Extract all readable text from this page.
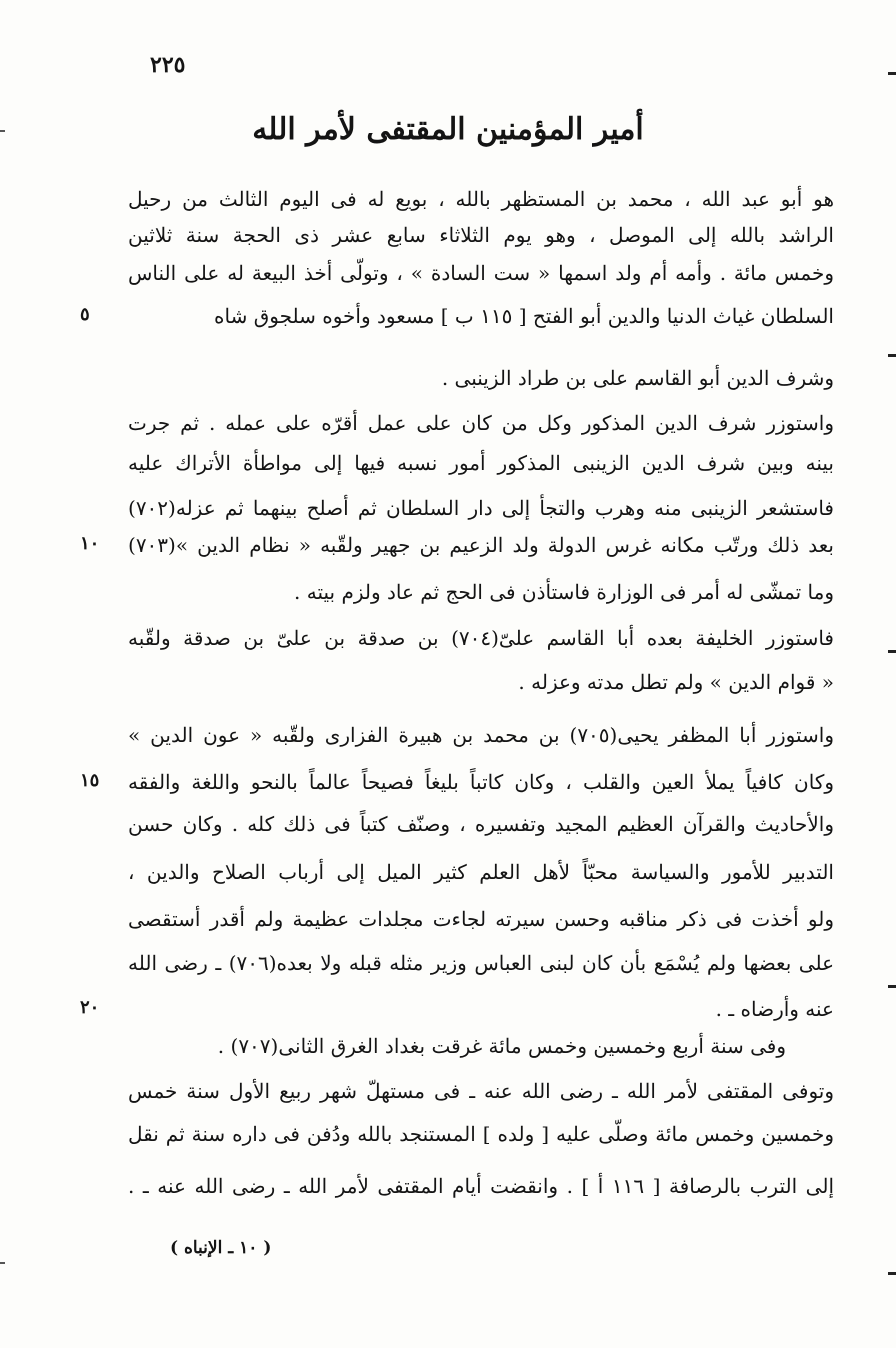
٢٢٥
أمير المؤمنين المقتفى لأمر الله
هو أبو عبد الله ، محمد بن المستظهر بالله ، بويع له فى اليوم الثالث من رحيل
الراشد بالله إلى الموصل ، وهو يوم الثلاثاء سابع عشر ذى الحجة سنة ثلاثين
وخمس مائة . وأمه أم ولد اسمها « ست السادة » ، وتولّى أخذ البيعة له على الناس
السلطان غياث الدنيا والدين أبو الفتح [ ١١٥ ب ] مسعود وأخوه سلجوق شاه
وشرف الدين أبو القاسم على بن طراد الزينبى .
واستوزر شرف الدين المذكور وكل من كان على عمل أقرّه على عمله . ثم جرت
بينه وبين شرف الدين الزينبى المذكور أمور نسبه فيها إلى مواطأة الأتراك عليه
فاستشعر الزينبى منه وهرب والتجأ إلى دار السلطان ثم أصلح بينهما ثم عزله(٧٠٢)
بعد ذلك ورتّب مكانه غرس الدولة ولد الزعيم بن جهير ولقّبه « نظام الدين »(٧٠٣)
وما تمشّى له أمر فى الوزارة فاستأذن فى الحج ثم عاد ولزم بيته .
فاستوزر الخليفة بعده أبا القاسم علىّ(٧٠٤) بن صدقة بن علىّ بن صدقة ولقّبه
« قوام الدين » ولم تطل مدته وعزله .
واستوزر أبا المظفر يحيى(٧٠٥) بن محمد بن هبيرة الفزارى ولقّبه « عون الدين »
وكان كافياً يملأ العين والقلب ، وكان كاتباً بليغاً فصيحاً عالماً بالنحو واللغة والفقه
والأحاديث والقرآن العظيم المجيد وتفسيره ، وصنّف كتباً فى ذلك كله . وكان حسن
التدبير للأمور والسياسة محبّاً لأهل العلم كثير الميل إلى أرباب الصلاح والدين ،
ولو أخذت فى ذكر مناقبه وحسن سيرته لجاءت مجلدات عظيمة ولم أقدر أستقصى
على بعضها ولم يُسْمَع بأن كان لبنى العباس وزير مثله قبله ولا بعده(٧٠٦) ـ رضى الله
عنه وأرضاه ـ .
وفى سنة أربع وخمسين وخمس مائة غرقت بغداد الغرق الثانى(٧٠٧) .
وتوفى المقتفى لأمر الله ـ رضى الله عنه ـ فى مستهلّ شهر ربيع الأول سنة خمس
وخمسين وخمس مائة وصلّى عليه [ ولده ] المستنجد بالله ودُفن فى داره سنة ثم نقل
إلى الترب بالرصافة [ ١١٦ أ ] . وانقضت أيام المقتفى لأمر الله ـ رضى الله عنه ـ .
٥
١٠
١٥
٢٠
( ١٠ ـ الإنباه )
